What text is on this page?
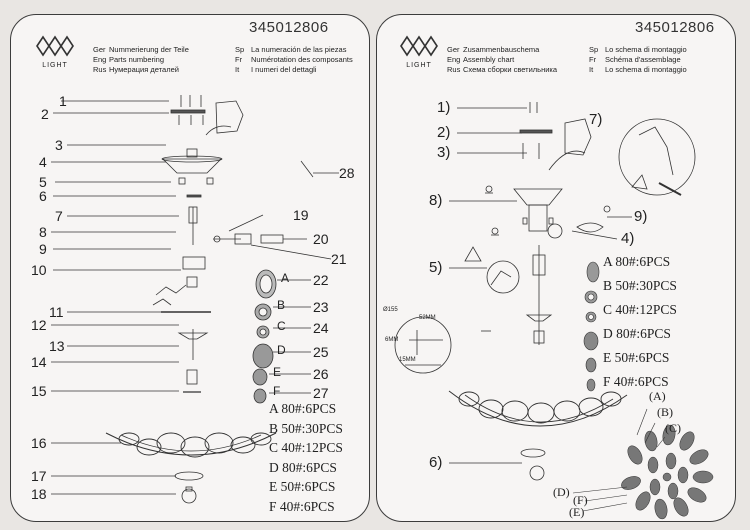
345012806
LIGHT
Ger Nummerierung der Teile	Sp La numeración de las piezas
Eng Parts numbering	Fr Numérotation des composants
Rus Нумерация деталей	It I numeri del dettagli
1
2
3
4
5
6
7
8
9
10
11
12
13
14
15
16
17
18
19
20
21
22
23
24
25
26
27
28
A
B
C
D
E
F
A 80#:6PCS
B 50#:30PCS
C 40#:12PCS
D 80#:6PCS
E 50#:6PCS
F 40#:6PCS
345012806
LIGHT
Ger Zusammenbauschema	Sp Lo schema di montaggio
Eng Assembly chart	Fr Schéma d'assemblage
Rus Схема сборки светильника	It Lo schema di montaggio
1)
2)
3)
7)
8)
9)
4)
5)
6)
Ø155
52MM
6MM
15MM
A 80#:6PCS
B 50#:30PCS
C 40#:12PCS
D 80#:6PCS
E 50#:6PCS
F 40#:6PCS
(A)
(B)
(C)
(D)
(F)
(E)
